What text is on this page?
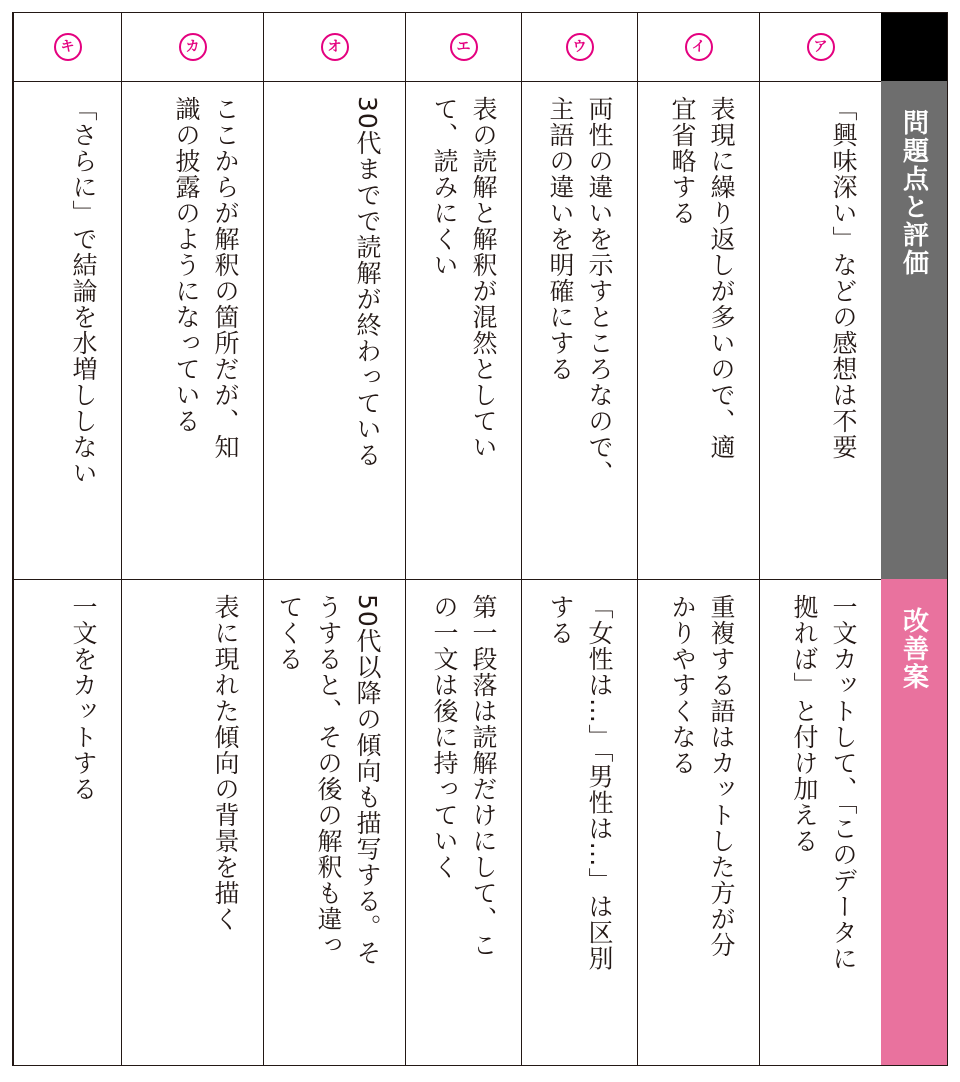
問題点と評価
改善案
ア
「興味深い」などの感想は不要
一文カットして、「このデータに
拠れば」と付け加える
イ
表現に繰り返しが多いので、適
宜省略する
重複する語はカットした方が分
かりやすくなる
ウ
両性の違いを示すところなので、
主語の違いを明確にする
「女性は…」「男性は…」は区別
する
エ
表の読解と解釈が混然としてい
て、読みにくい
第一段落は読解だけにして、こ
の一文は後に持っていく
オ
30代までで読解が終わっている
50代以降の傾向も描写する。そ
うすると、その後の解釈も違っ
てくる
カ
ここからが解釈の箇所だが、知
識の披露のようになっている
表に現れた傾向の背景を描く
キ
「さらに」で結論を水増ししない
一文をカットする
